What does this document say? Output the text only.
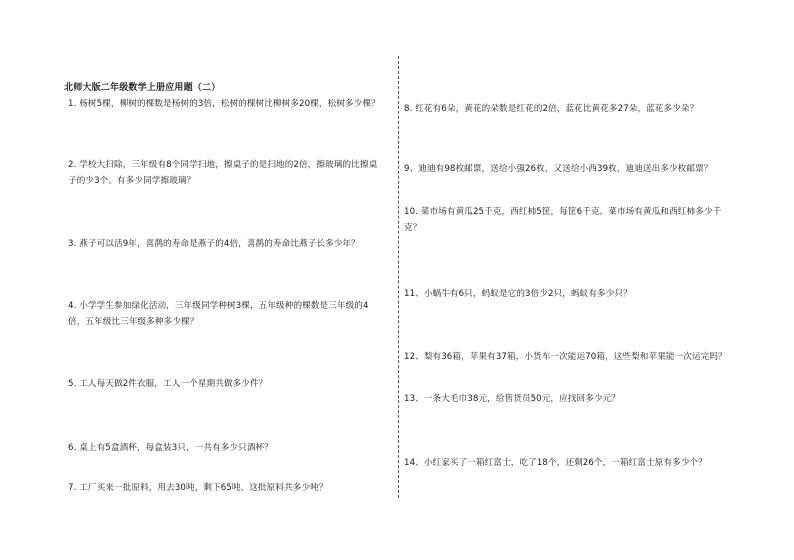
北师大版二年级数学上册应用题（二）
1. 杨树5棵，柳树的棵数是杨树的3倍，松树的棵树比柳树多20棵，松树多少棵？
2. 学校大扫除，三年级有8个同学扫地，擦桌子的是扫地的2倍，擦玻璃的比擦桌子的少3个。有多少同学擦玻璃？
3. 燕子可以活9年，喜鹊的寿命是燕子的4倍，喜鹊的寿命比燕子长多少年？
4. 小学学生参加绿化活动，三年级同学种树3棵，五年级种的棵数是三年级的4倍，五年级比三年级多种多少棵？
5. 工人每天做2件衣服，工人一个星期共做多少件？
6. 桌上有5盒酒杯，每盒装3只，一共有多少只酒杯？
7. 工厂买来一批原料，用去30吨，剩下65吨，这批原料共多少吨？
8. 红花有6朵，黄花的朵数是红花的2倍，蓝花比黄花多27朵，蓝花多少朵？
9、迪迪有98枚邮票，送给小强26枚，又送给小西39枚，迪迪送出多少枚邮票？
10. 菜市场有黄瓜25千克，西红柿5筐，每筐6千克。菜市场有黄瓜和西红柿多少千克？
11、小蜗牛有6只，蚂蚁是它的3倍少2只，蚂蚁有多少只？
12、梨有36箱，苹果有37箱，小货车一次能运70箱，这些梨和苹果能一次运完吗？
13、一条大毛巾38元，给售货员50元，应找回多少元？
14、小红家买了一箱红富士，吃了18个，还剩26个，一箱红富士原有多少个？
